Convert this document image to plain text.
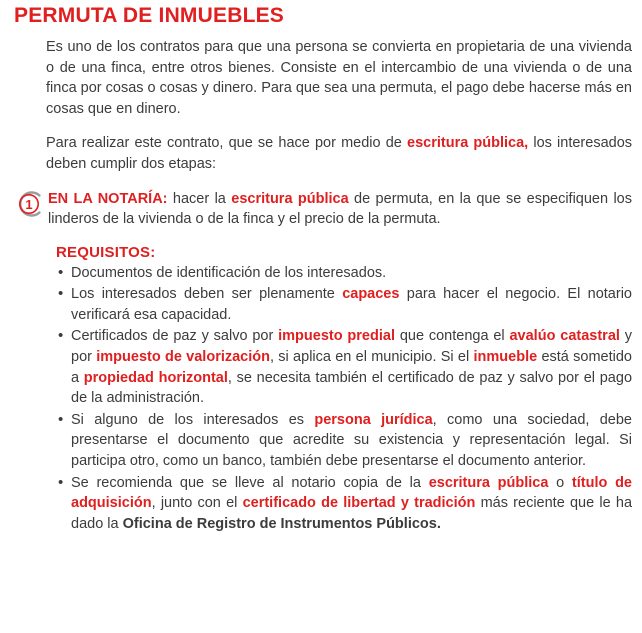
PERMUTA DE INMUEBLES

Es uno de los contratos para que una persona se convierta en propietaria de una vivienda o de una finca, entre otros bienes. Consiste en el intercambio de una vivienda o de una finca por cosas o cosas y dinero. Para que sea una permuta, el pago debe hacerse más en cosas que en dinero.

Para realizar este contrato, que se hace por medio de escritura pública, los interesados deben cumplir dos etapas:

1 EN LA NOTARÍA: hacer la escritura pública de permuta, en la que se especifiquen los linderos de la vivienda o de la finca y el precio de la permuta.

REQUISITOS:
• Documentos de identificación de los interesados.
• Los interesados deben ser plenamente capaces para hacer el negocio. El notario verificará esa capacidad.
• Certificados de paz y salvo por impuesto predial que contenga el avalúo catastral y por impuesto de valorización, si aplica en el municipio. Si el inmueble está sometido a propiedad horizontal, se necesita también el certificado de paz y salvo por el pago de la administración.
• Si alguno de los interesados es persona jurídica, como una sociedad, debe presentarse el documento que acredite su existencia y representación legal. Si participa otro, como un banco, también debe presentarse el documento anterior.
• Se recomienda que se lleve al notario copia de la escritura pública o título de adquisición, junto con el certificado de libertad y tradición más reciente que le ha dado la Oficina de Registro de Instrumentos Públicos.
